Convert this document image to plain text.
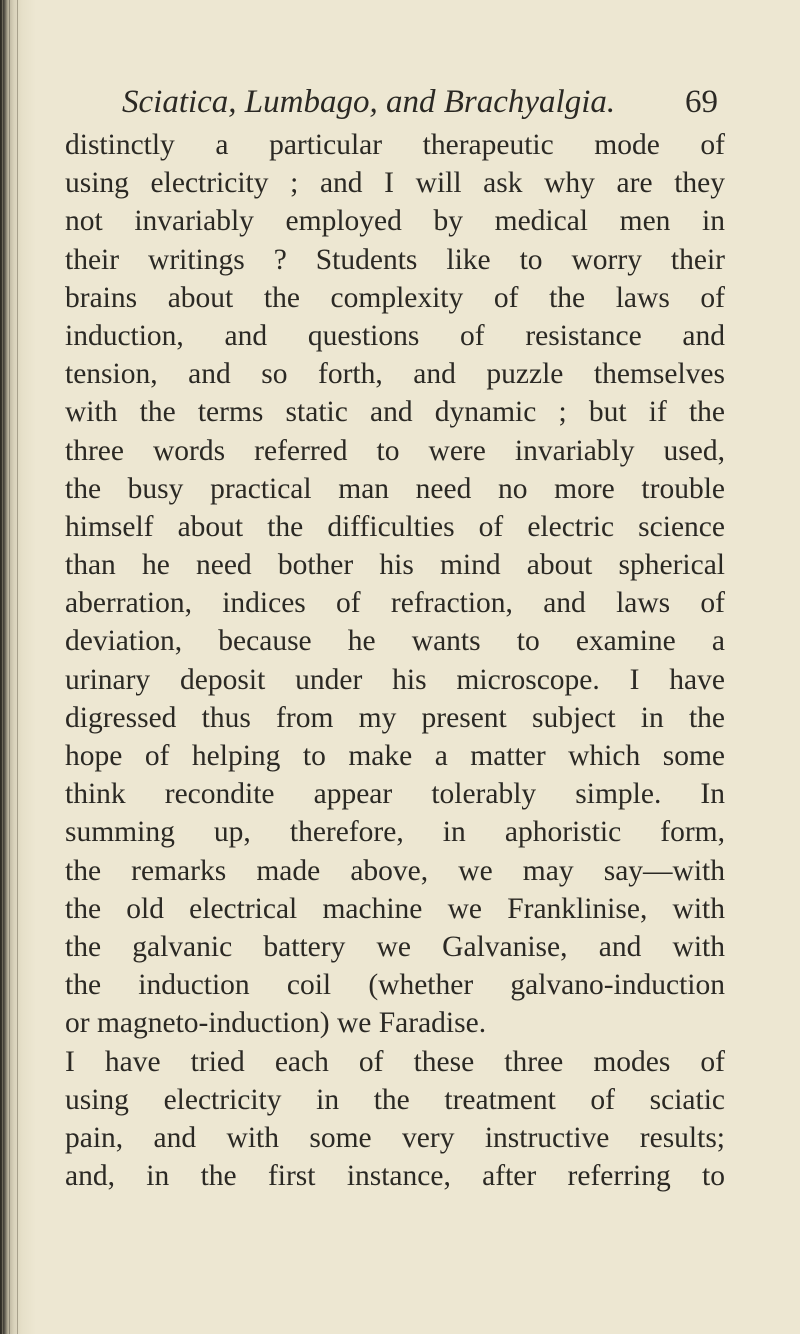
Sciatica, Lumbago, and Brachyalgia. 69
distinctly a particular therapeutic mode of
using electricity ; and I will ask why are they
not invariably employed by medical men in
their writings ? Students like to worry their
brains about the complexity of the laws of
induction, and questions of resistance and
tension, and so forth, and puzzle themselves
with the terms static and dynamic ; but if the
three words referred to were invariably used,
the busy practical man need no more trouble
himself about the difficulties of electric science
than he need bother his mind about spherical
aberration, indices of refraction, and laws of
deviation, because he wants to examine a
urinary deposit under his microscope. I have
digressed thus from my present subject in the
hope of helping to make a matter which some
think recondite appear tolerably simple. In
summing up, therefore, in aphoristic form,
the remarks made above, we may say—with
the old electrical machine we Franklinise, with
the galvanic battery we Galvanise, and with
the induction coil (whether galvano-induction
or magneto-induction) we Faradise.
I have tried each of these three modes of
using electricity in the treatment of sciatic
pain, and with some very instructive results;
and, in the first instance, after referring to
